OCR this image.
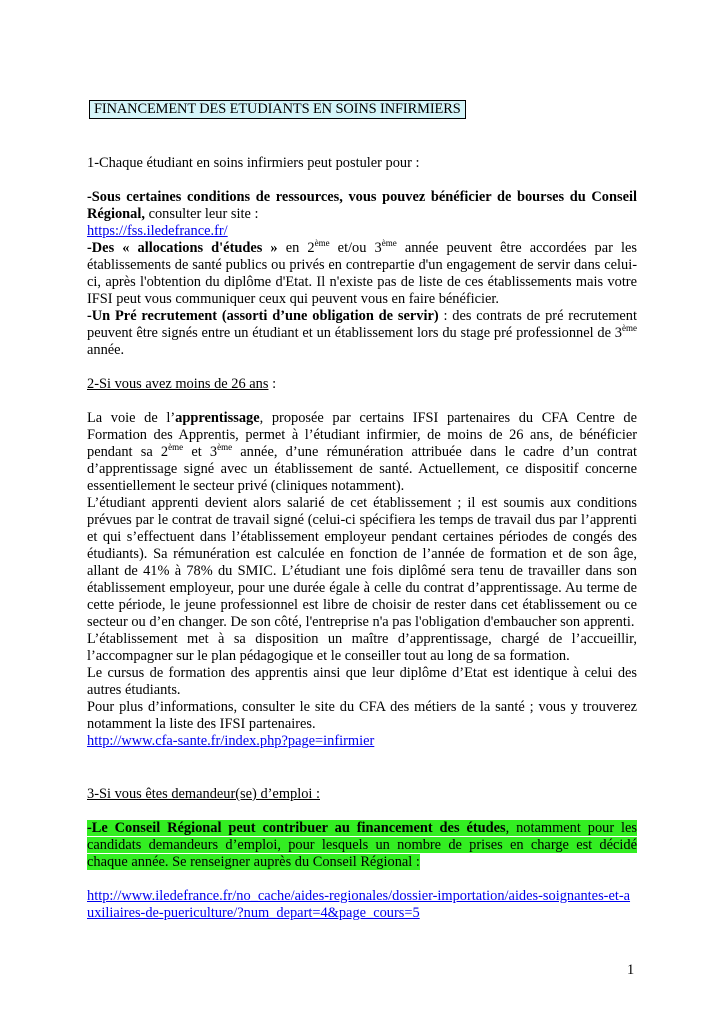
FINANCEMENT DES ETUDIANTS EN SOINS INFIRMIERS

1-Chaque étudiant en soins infirmiers peut postuler pour :

-Sous certaines conditions de ressources, vous pouvez bénéficier de bourses du Conseil Régional, consulter leur site :

https://fss.iledefrance.fr/

-Des « allocations d'études » en 2ème et/ou 3ème année peuvent être accordées par les établissements de santé publics ou privés en contrepartie d'un engagement de servir dans celui-ci, après l'obtention du diplôme d'Etat. Il n'existe pas de liste de ces établissements mais votre IFSI peut vous communiquer ceux qui peuvent vous en faire bénéficier.

-Un Pré recrutement (assorti d’une obligation de servir) : des contrats de pré recrutement peuvent être signés entre un étudiant et un établissement lors du stage pré professionnel de 3ème année.

2-Si vous avez moins de 26 ans :

La voie de l’apprentissage, proposée par certains IFSI partenaires du CFA Centre de Formation des Apprentis, permet à l’étudiant infirmier, de moins de 26 ans, de bénéficier pendant sa 2ème et 3ème année, d’une rémunération attribuée dans le cadre d’un contrat d’apprentissage signé avec un établissement de santé. Actuellement, ce dispositif concerne essentiellement le secteur privé (cliniques notamment).

L’étudiant apprenti devient alors salarié de cet établissement ; il est soumis aux conditions prévues par le contrat de travail signé (celui-ci spécifiera les temps de travail dus par l’apprenti et qui s’effectuent dans l’établissement employeur pendant certaines périodes de congés des étudiants). Sa rémunération est calculée en fonction de l’année de formation et de son âge, allant de 41% à 78% du SMIC. L’étudiant une fois diplômé sera tenu de travailler dans son établissement employeur, pour une durée égale à celle du contrat d’apprentissage. Au terme de cette période, le jeune professionnel est libre de choisir de rester dans cet établissement ou ce secteur ou d’en changer. De son côté, l'entreprise n'a pas l'obligation d'embaucher son apprenti.

L’établissement met à sa disposition un maître d’apprentissage, chargé de l’accueillir, l’accompagner sur le plan pédagogique et le conseiller tout au long de sa formation.

Le cursus de formation des apprentis ainsi que leur diplôme d’Etat est identique à celui des autres étudiants.

Pour plus d’informations, consulter le site du CFA des métiers de la santé ; vous y trouverez notamment la liste des IFSI partenaires.

http://www.cfa-sante.fr/index.php?page=infirmier

3-Si vous êtes demandeur(se) d’emploi :

-Le Conseil Régional peut contribuer au financement des études, notamment pour les candidats demandeurs d’emploi, pour lesquels un nombre de prises en charge est décidé chaque année. Se renseigner auprès du Conseil Régional :

http://www.iledefrance.fr/no_cache/aides-regionales/dossier-importation/aides-soignantes-et-auxiliaires-de-puericulture/?num_depart=4&page_cours=5

1
